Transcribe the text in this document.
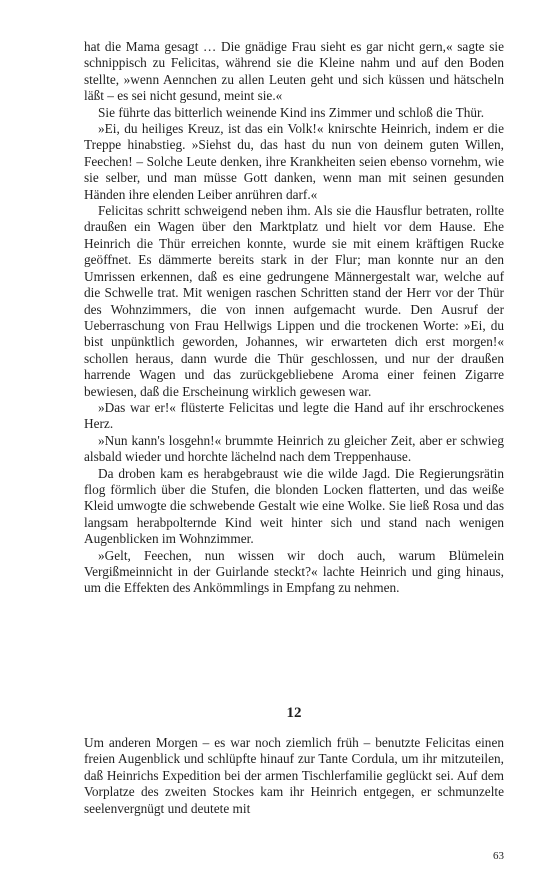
hat die Mama gesagt … Die gnädige Frau sieht es gar nicht gern,« sagte sie schnippisch zu Felicitas, während sie die Kleine nahm und auf den Boden stellte, »wenn Aennchen zu allen Leuten geht und sich küssen und hätscheln läßt – es sei nicht gesund, meint sie.«

Sie führte das bitterlich weinende Kind ins Zimmer und schloß die Thür.

»Ei, du heiliges Kreuz, ist das ein Volk!« knirschte Heinrich, indem er die Treppe hinabstieg. »Siehst du, das hast du nun von deinem guten Willen, Feechen! – Solche Leute denken, ihre Krankheiten seien ebenso vornehm, wie sie selber, und man müsse Gott danken, wenn man mit seinen gesunden Händen ihre elenden Leiber anrühren darf.«

Felicitas schritt schweigend neben ihm. Als sie die Hausflur betraten, rollte draußen ein Wagen über den Marktplatz und hielt vor dem Hause. Ehe Heinrich die Thür erreichen konnte, wurde sie mit einem kräftigen Rucke geöffnet. Es dämmerte bereits stark in der Flur; man konnte nur an den Umrissen erkennen, daß es eine gedrungene Männergestalt war, welche auf die Schwelle trat. Mit wenigen raschen Schritten stand der Herr vor der Thür des Wohnzimmers, die von innen aufgemacht wurde. Den Ausruf der Ueberraschung von Frau Hellwigs Lippen und die trockenen Worte: »Ei, du bist unpünktlich geworden, Johannes, wir erwarteten dich erst morgen!« schollen heraus, dann wurde die Thür geschlossen, und nur der draußen harrende Wagen und das zurückgebliebene Aroma einer feinen Zigarre bewiesen, daß die Erscheinung wirklich gewesen war.

»Das war er!« flüsterte Felicitas und legte die Hand auf ihr erschrockenes Herz.

»Nun kann's losgehn!« brummte Heinrich zu gleicher Zeit, aber er schwieg alsbald wieder und horchte lächelnd nach dem Treppenhause.

Da droben kam es herabgebraust wie die wilde Jagd. Die Regierungsrätin flog förmlich über die Stufen, die blonden Locken flatterten, und das weiße Kleid umwogte die schwebende Gestalt wie eine Wolke. Sie ließ Rosa und das langsam herabpolternde Kind weit hinter sich und stand nach wenigen Augenblicken im Wohnzimmer.

»Gelt, Feechen, nun wissen wir doch auch, warum Blümelein Vergißmeinnicht in der Guirlande steckt?« lachte Heinrich und ging hinaus, um die Effekten des Ankömmlings in Empfang zu nehmen.

12

Um anderen Morgen – es war noch ziemlich früh – benutzte Felicitas einen freien Augenblick und schlüpfte hinauf zur Tante Cordula, um ihr mitzuteilen, daß Heinrichs Expedition bei der armen Tischlerfamilie geglückt sei. Auf dem Vorplatze des zweiten Stockes kam ihr Heinrich entgegen, er schmunzelte seelenvergnügt und deutete mit

63
